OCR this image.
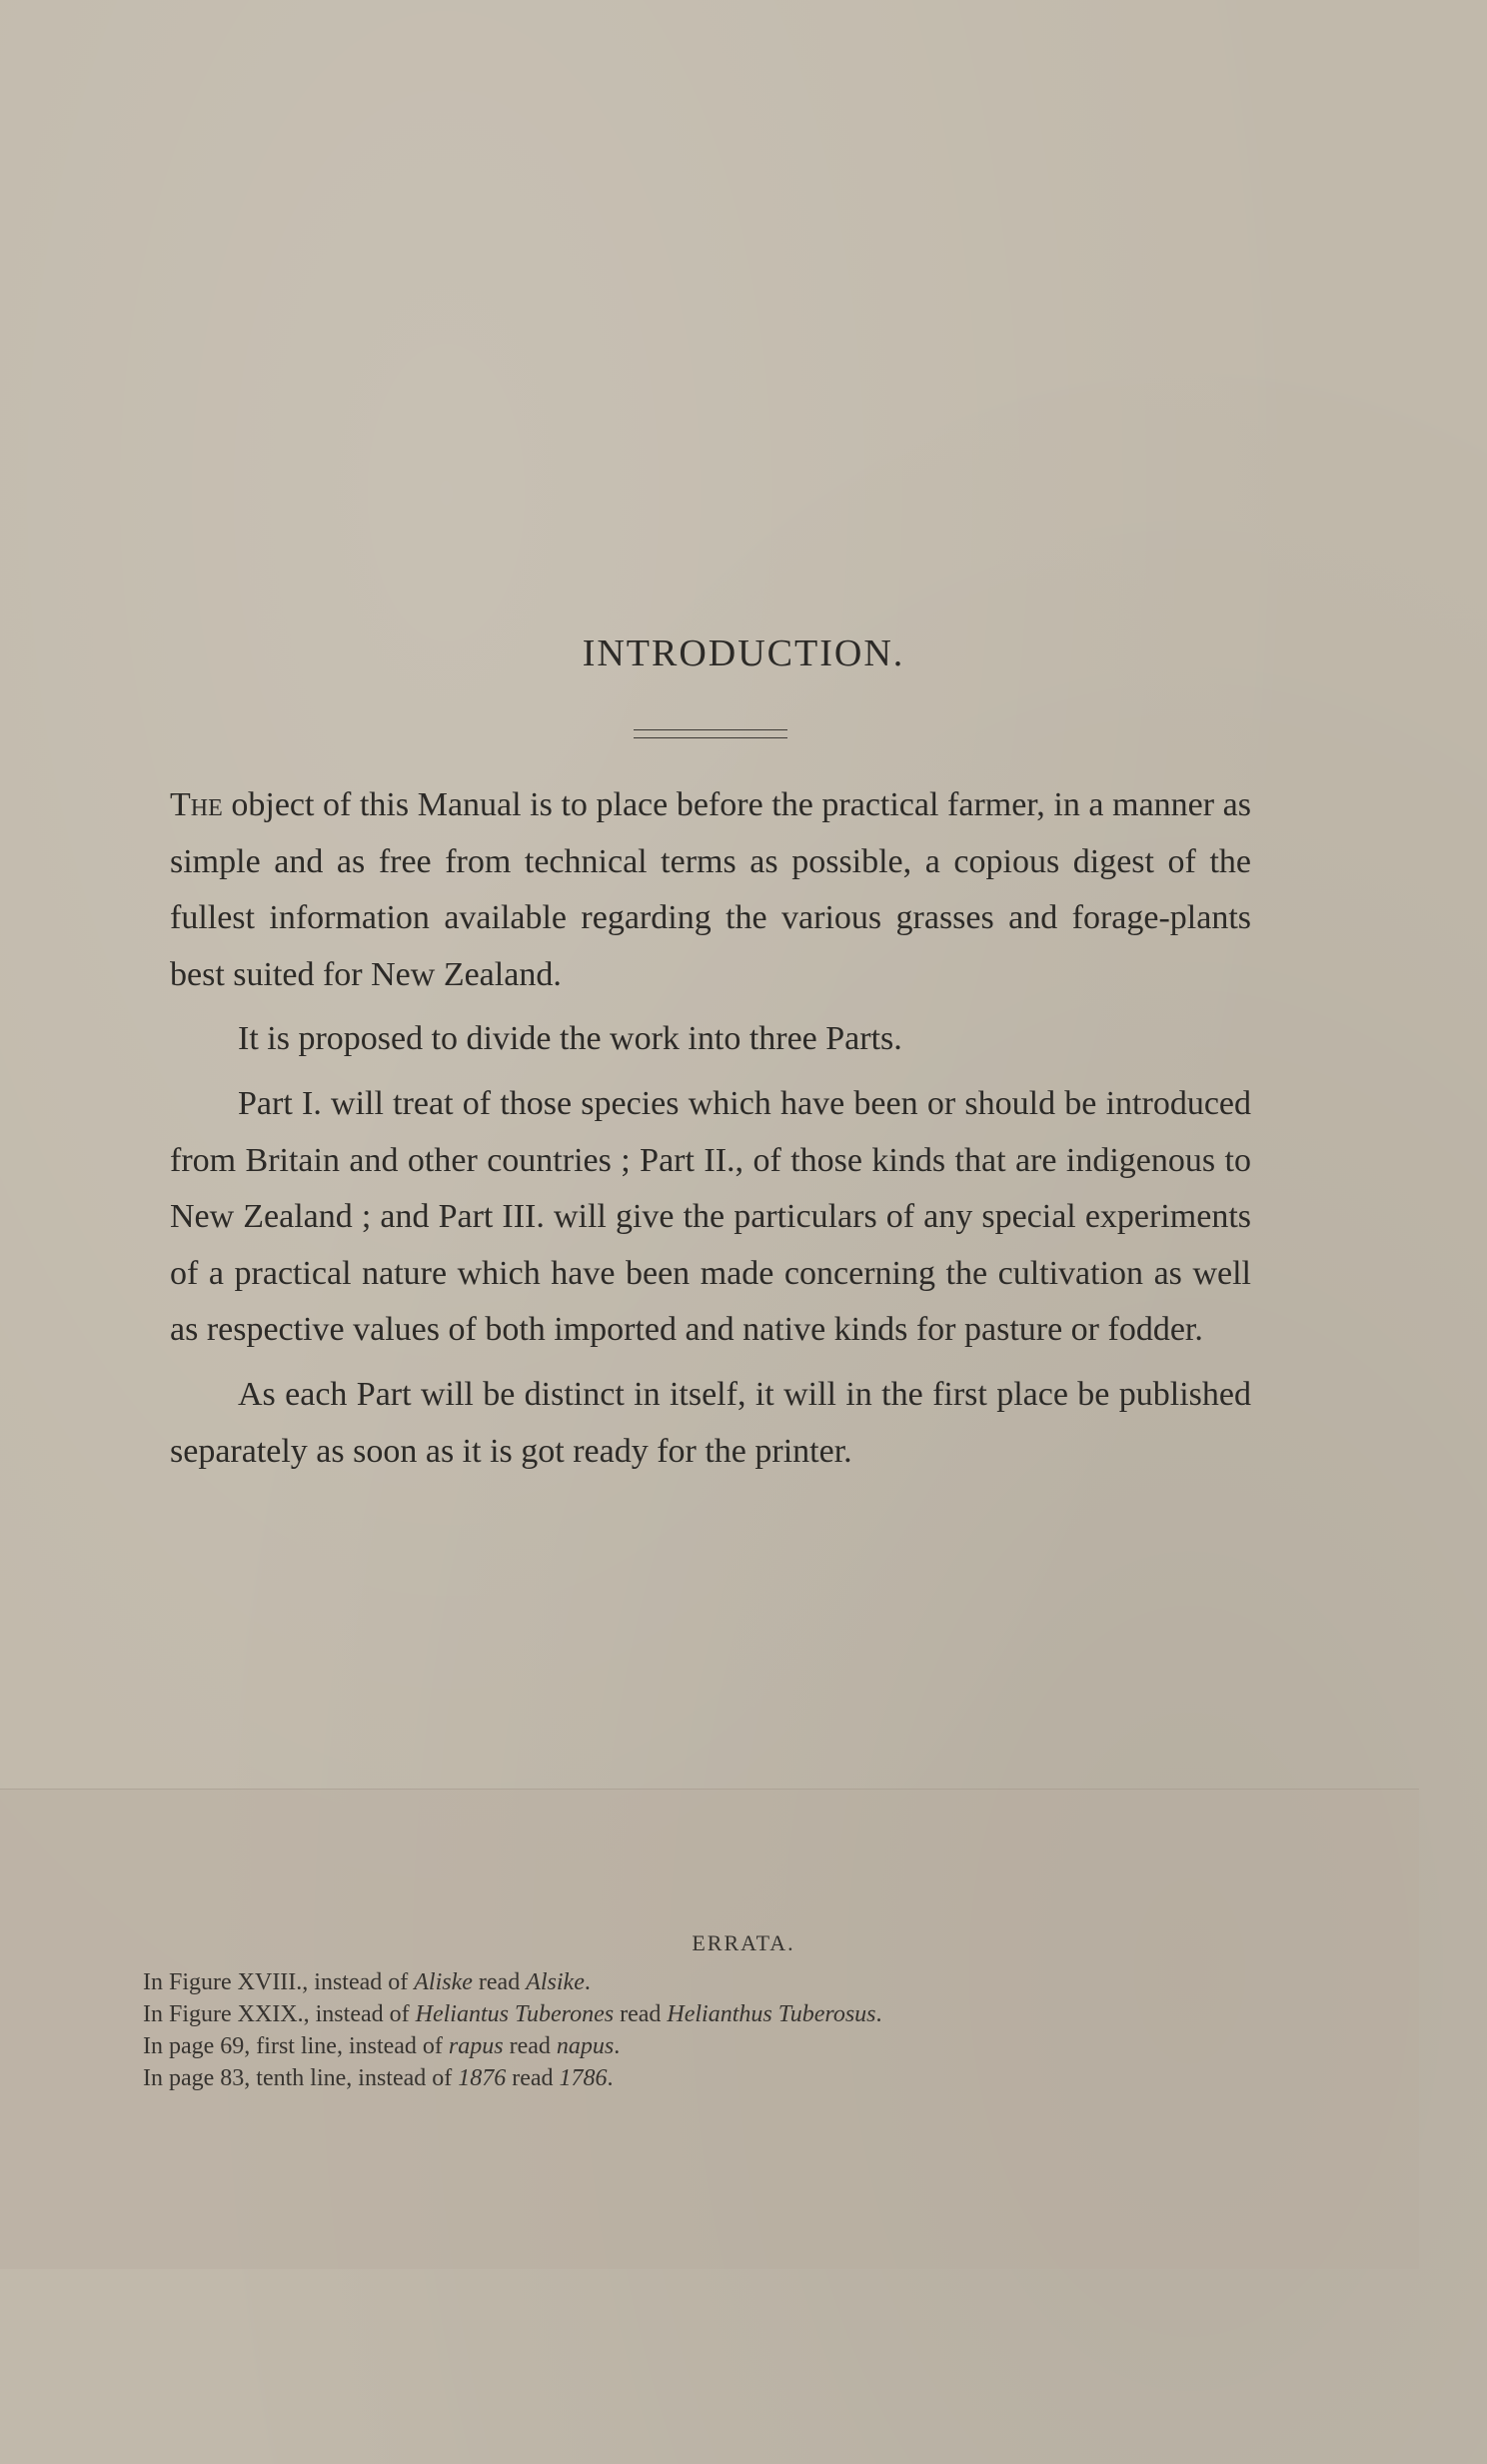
INTRODUCTION.

The object of this Manual is to place before the practical farmer, in a manner as simple and as free from technical terms as possible, a copious digest of the fullest information available regarding the various grasses and forage-plants best suited for New Zealand.

It is proposed to divide the work into three Parts.

Part I. will treat of those species which have been or should be introduced from Britain and other countries ; Part II., of those kinds that are indigenous to New Zealand ; and Part III. will give the particulars of any special experiments of a practical nature which have been made concerning the cultivation as well as respective values of both imported and native kinds for pasture or fodder.

As each Part will be distinct in itself, it will in the first place be published separately as soon as it is got ready for the printer.

ERRATA.
In Figure XVIII., instead of Aliske read Alsike.
In Figure XXIX., instead of Heliantus Tuberones read Helianthus Tuberosus.
In page 69, first line, instead of rapus read napus.
In page 83, tenth line, instead of 1876 read 1786.
